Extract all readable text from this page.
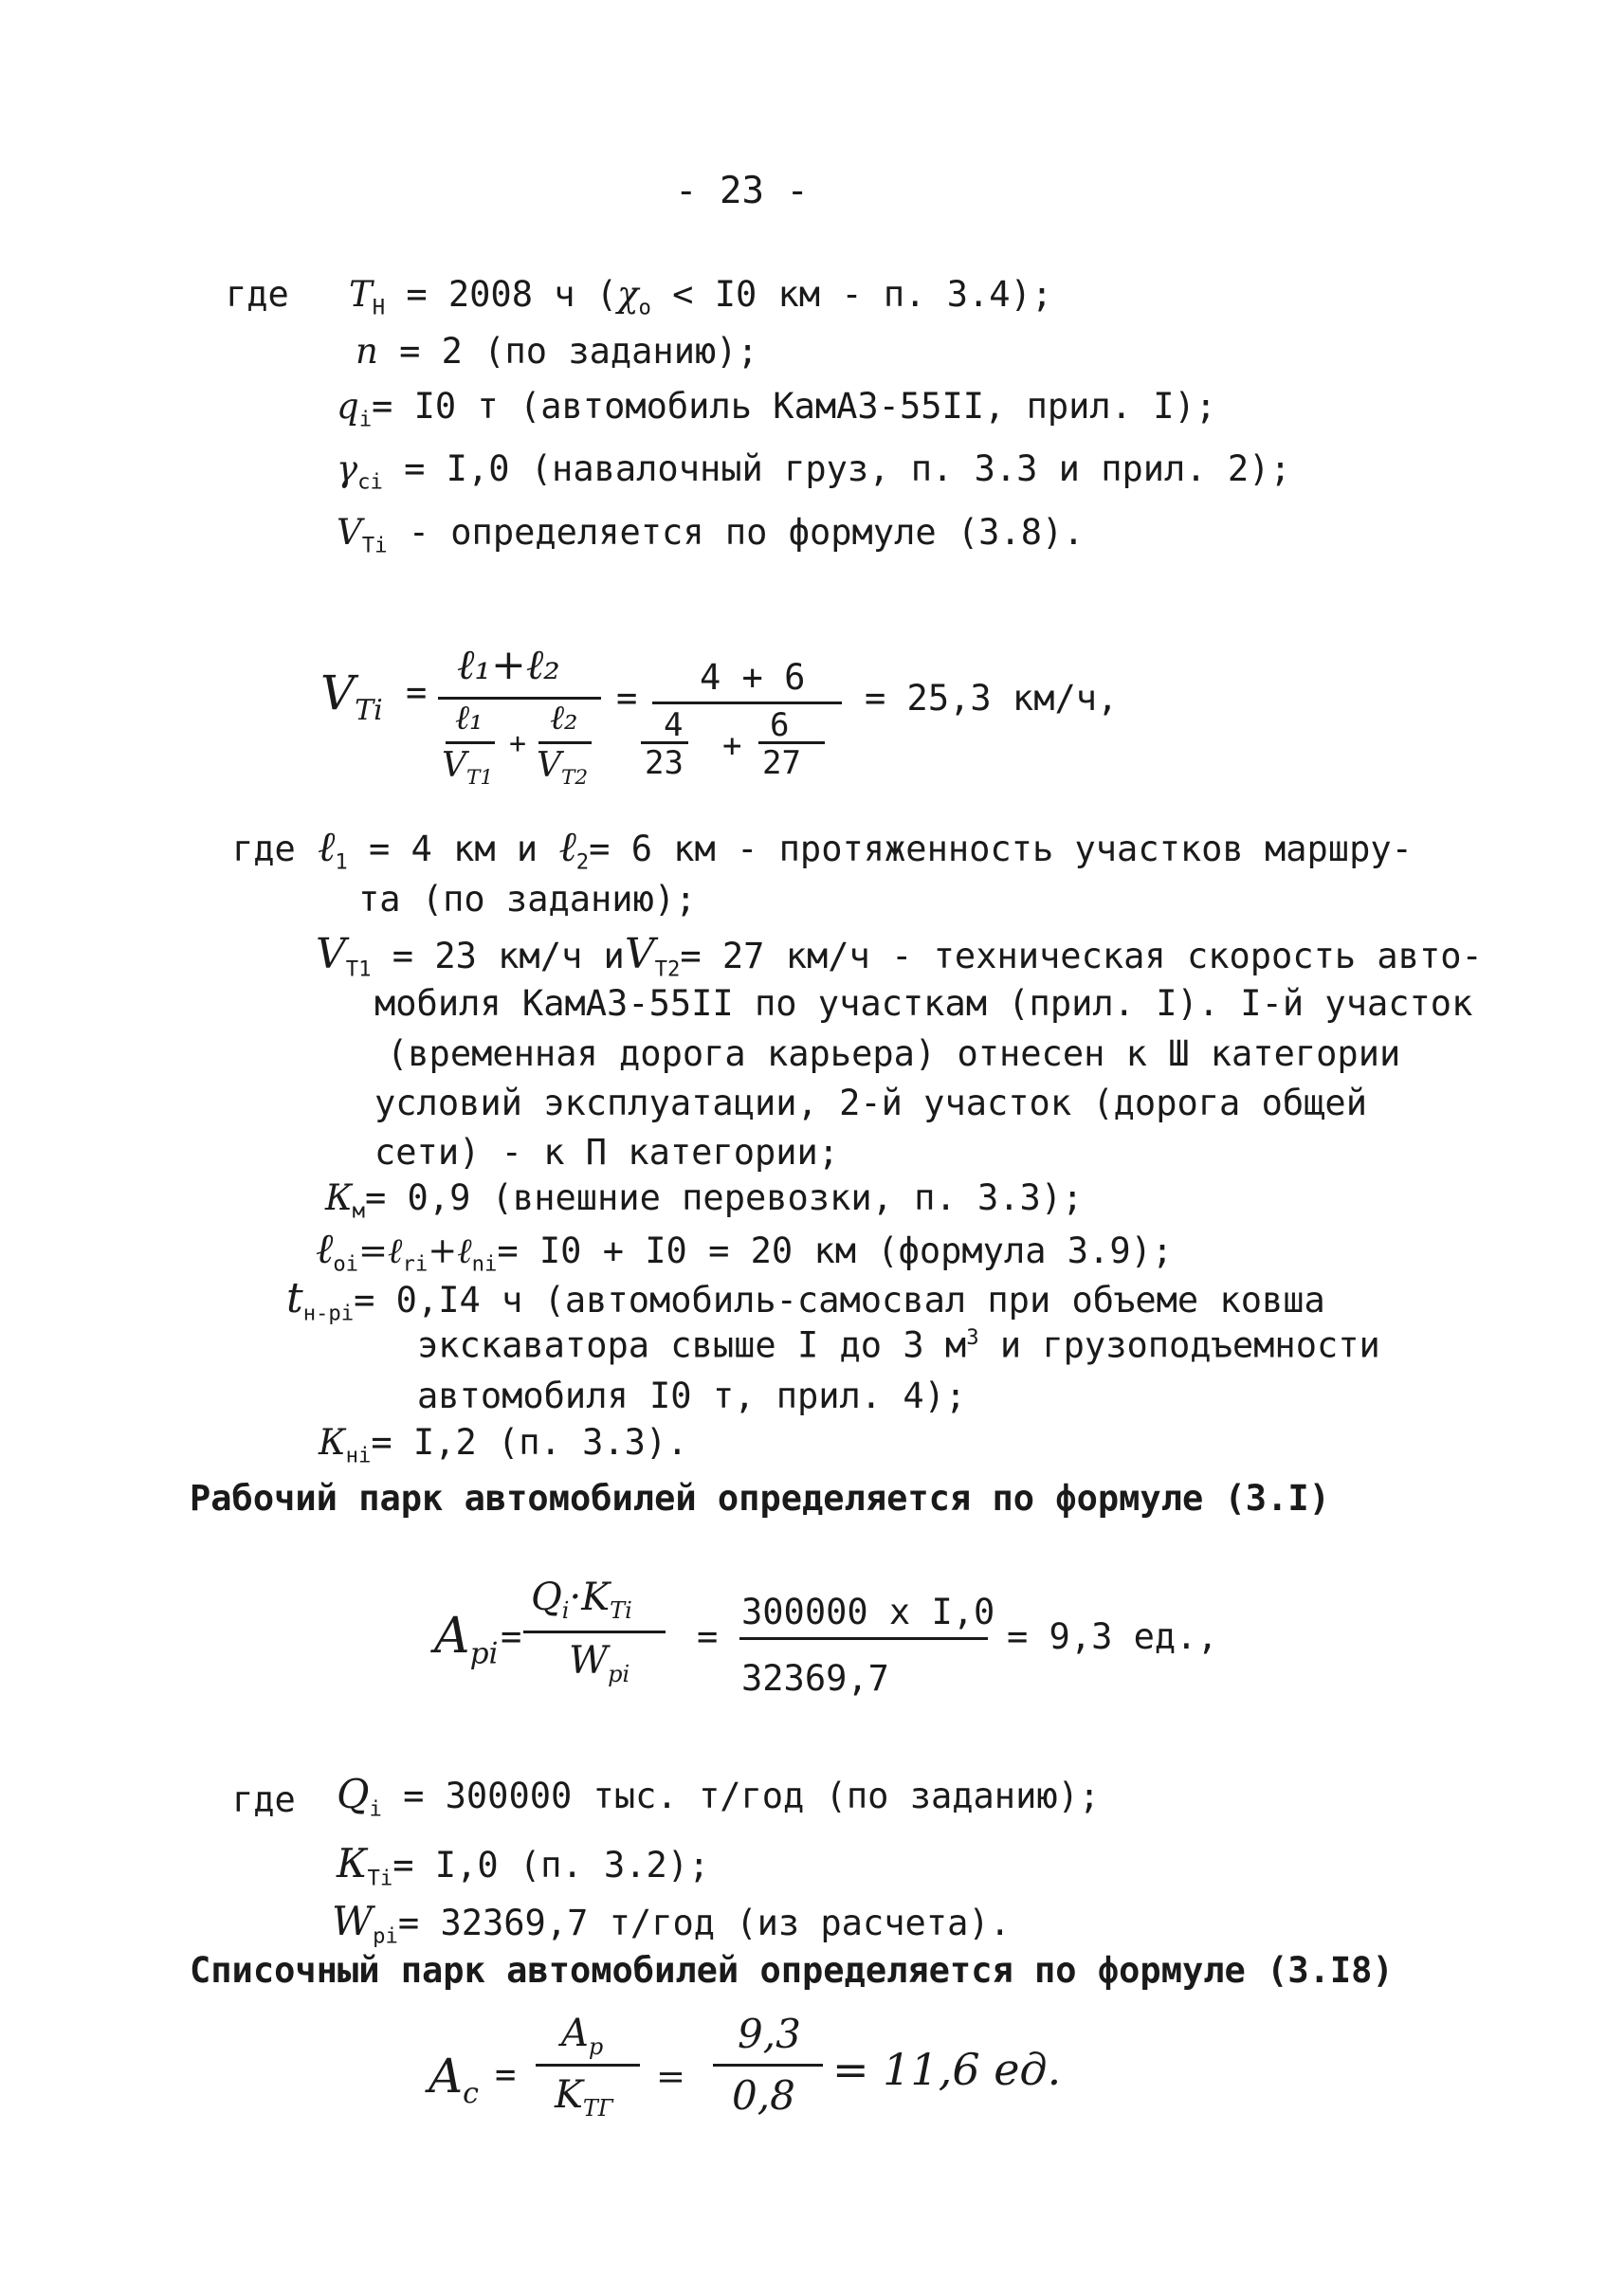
- 23 -
где $Т_Н = 2008$ ч ($\chi_о < I0$ км - п. 3.4);
n = 2 (по заданию);
$q_i= I0$ т (автомобиль КамАЗ-55II, прил. I);
$\gamma_{ci} = I,0$ (навалочный груз, п. 3.3 и прил. 2);
$V_{Ti}$ - определяется по формуле (3.8).
$V_{Ti}$ =
ℓ₁+ℓ₂
ℓ₁
$V_{T1}$
+
ℓ₂
$V_{T2}$
=
4 + 6
4
23 +
6
27
= 25,3 км/ч,
где ℓ$_1$ = 4 км и ℓ$_2$= 6 км - протяженность участков маршру-
та (по заданию);
$V_{T1} = 23$ км/ч $иV_{T2}= 27$ км/ч - техническая скорость авто-
мобиля КамАЗ-55II по участкам (прил. I). I-й участок
(временная дорога карьера) отнесен к Ш категории
условий эксплуатации, 2-й участок (дорога общей
сети) - к П категории;
$К_м= 0,9$ (внешние перевозки, п. 3.3);
ℓ$_{oi}$=ℓ$_{ri}$+ℓ$_{ni}$= I0 + I0 = 20 км (формула 3.9);
$t_{н-pi}= 0,I4$ ч (автомобиль-самосвал при объеме ковша
экскаватора свыше I до 3 $м^3$ и грузоподъемности
автомобиля I0 т, прил. 4);
$К_{ні}= I,2$ (п. 3.3).
Рабочий парк автомобилей определяется по формуле (3.I)
$A_{pi}$ =
$Q_i\cdot K_{Ti}$
$W_{pi}$
=
300000 x I,0
32369,7
= 9,3 ед.,
где $Q_i = 300000$ тыс. т/год (по заданию);
$К_{Ti}= I,0$ (п. 3.2);
$W_{pi}= 32369,7$ т/год (из расчета).
Списочный парк автомобилей определяется по формуле (3.I8)
$A_c$ =
$A_p$
$K_{TГ}$
=
9,3
0,8
= 11,6 ед.
